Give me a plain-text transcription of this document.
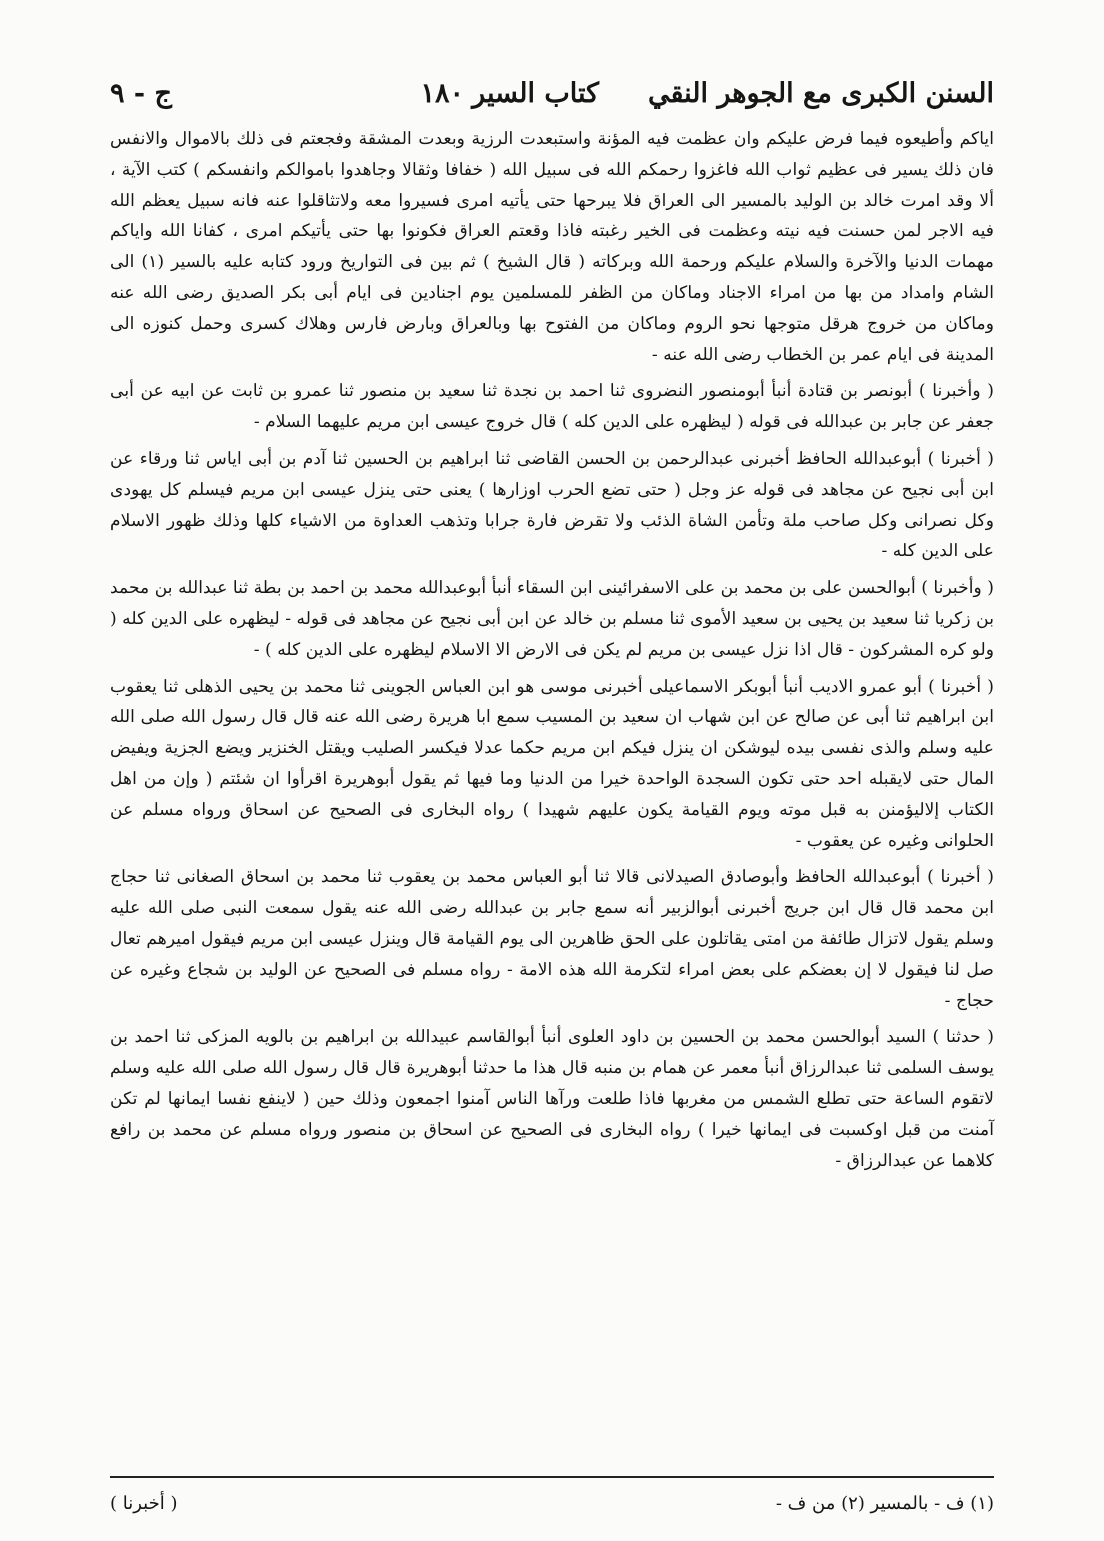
السنن الكبرى مع الجوهر النقي
١٨٠ كتاب السير
ج - ٩

اياكم وأطيعوه فيما فرض عليكم وان عظمت فيه المؤنة واستبعدت الرزية وبعدت المشقة وفجعتم فى ذلك بالاموال والانفس فان ذلك يسير فى عظيم ثواب الله فاغزوا رحمكم الله فى سبيل الله ( خفافا وثقالا وجاهدوا باموالكم وانفسكم ) كتب الآية ، ألا وقد امرت خالد بن الوليد بالمسير الى العراق فلا يبرحها حتى يأتيه امرى فسيروا معه ولاتثاقلوا عنه فانه سبيل يعظم الله فيه الاجر لمن حسنت فيه نيته وعظمت فى الخير رغبته فاذا وقعتم العراق فكونوا بها حتى يأتيكم امرى ، كفانا الله واياكم مهمات الدنيا والآخرة والسلام عليكم ورحمة الله وبركاته ( قال الشيخ ) ثم بين فى التواريخ ورود كتابه عليه بالسير (١) الى الشام وامداد من بها من امراء الاجناد وماكان من الظفر للمسلمين يوم اجنادين فى ايام أبى بكر الصديق رضى الله عنه وماكان من خروج هرقل متوجها نحو الروم وماكان من الفتوح بها وبالعراق وبارض فارس وهلاك كسرى وحمل كنوزه الى المدينة فى ايام عمر بن الخطاب رضى الله عنه -

( وأخبرنا ) أبونصر بن قتادة أنبأ أبومنصور النضروى ثنا احمد بن نجدة ثنا سعيد بن منصور ثنا عمرو بن ثابت عن ابيه عن أبى جعفر عن جابر بن عبدالله فى قوله ( ليظهره على الدين كله ) قال خروج عيسى ابن مريم عليهما السلام -

( أخبرنا ) أبوعبدالله الحافظ أخبرنى عبدالرحمن بن الحسن القاضى ثنا ابراهيم بن الحسين ثنا آدم بن أبى اياس ثنا ورقاء عن ابن أبى نجيح عن مجاهد فى قوله عز وجل ( حتى تضع الحرب اوزارها ) يعنى حتى ينزل عيسى ابن مريم فيسلم كل يهودى وكل نصرانى وكل صاحب ملة وتأمن الشاة الذئب ولا تقرض فارة جرابا وتذهب العداوة من الاشياء كلها وذلك ظهور الاسلام على الدين كله -

( وأخبرنا ) أبوالحسن على بن محمد بن على الاسفرائينى ابن السقاء أنبأ أبوعبدالله محمد بن احمد بن بطة ثنا عبدالله بن محمد بن زكريا ثنا سعيد بن يحيى بن سعيد الأموى ثنا مسلم بن خالد عن ابن أبى نجيح عن مجاهد فى قوله - ليظهره على الدين كله ( ولو كره المشركون - قال اذا نزل عيسى بن مريم لم يكن فى الارض الا الاسلام ليظهره على الدين كله ) -

( أخبرنا ) أبو عمرو الاديب أنبأ أبوبكر الاسماعيلى أخبرنى موسى هو ابن العباس الجوينى ثنا محمد بن يحيى الذهلى ثنا يعقوب ابن ابراهيم ثنا أبى عن صالح عن ابن شهاب ان سعيد بن المسيب سمع ابا هريرة رضى الله عنه قال قال رسول الله صلى الله عليه وسلم والذى نفسى بيده ليوشكن ان ينزل فيكم ابن مريم حكما عدلا فيكسر الصليب ويقتل الخنزير ويضع الجزية ويفيض المال حتى لايقبله احد حتى تكون السجدة الواحدة خيرا من الدنيا وما فيها ثم يقول أبوهريرة اقرأوا ان شئتم ( وإن من اهل الكتاب إلاليؤمنن به قبل موته ويوم القيامة يكون عليهم شهيدا ) رواه البخارى فى الصحيح عن اسحاق ورواه مسلم عن الحلوانى وغيره عن يعقوب -

( أخبرنا ) أبوعبدالله الحافظ وأبوصادق الصيدلانى قالا ثنا أبو العباس محمد بن يعقوب ثنا محمد بن اسحاق الصغانى ثنا حجاج ابن محمد قال قال ابن جريج أخبرنى أبوالزبير أنه سمع جابر بن عبدالله رضى الله عنه يقول سمعت النبى صلى الله عليه وسلم يقول لاتزال طائفة من امتى يقاتلون على الحق ظاهرين الى يوم القيامة قال وينزل عيسى ابن مريم فيقول اميرهم تعال صل لنا فيقول لا إن بعضكم على بعض امراء لتكرمة الله هذه الامة - رواه مسلم فى الصحيح عن الوليد بن شجاع وغيره عن حجاج -

( حدثنا ) السيد أبوالحسن محمد بن الحسين بن داود العلوى أنبأ أبوالقاسم عبيدالله بن ابراهيم بن بالويه المزكى ثنا احمد بن يوسف السلمى ثنا عبدالرزاق أنبأ معمر عن همام بن منبه قال هذا ما حدثنا أبوهريرة قال قال رسول الله صلى الله عليه وسلم لاتقوم الساعة حتى تطلع الشمس من مغربها فاذا طلعت ورآها الناس آمنوا اجمعون وذلك حين ( لاينفع نفسا ايمانها لم تكن آمنت من قبل اوكسبت فى ايمانها خيرا ) رواه البخارى فى الصحيح عن اسحاق بن منصور ورواه مسلم عن محمد بن رافع كلاهما عن عبدالرزاق -

(١) ف - بالمسير (٢) من ف -
( أخبرنا )
